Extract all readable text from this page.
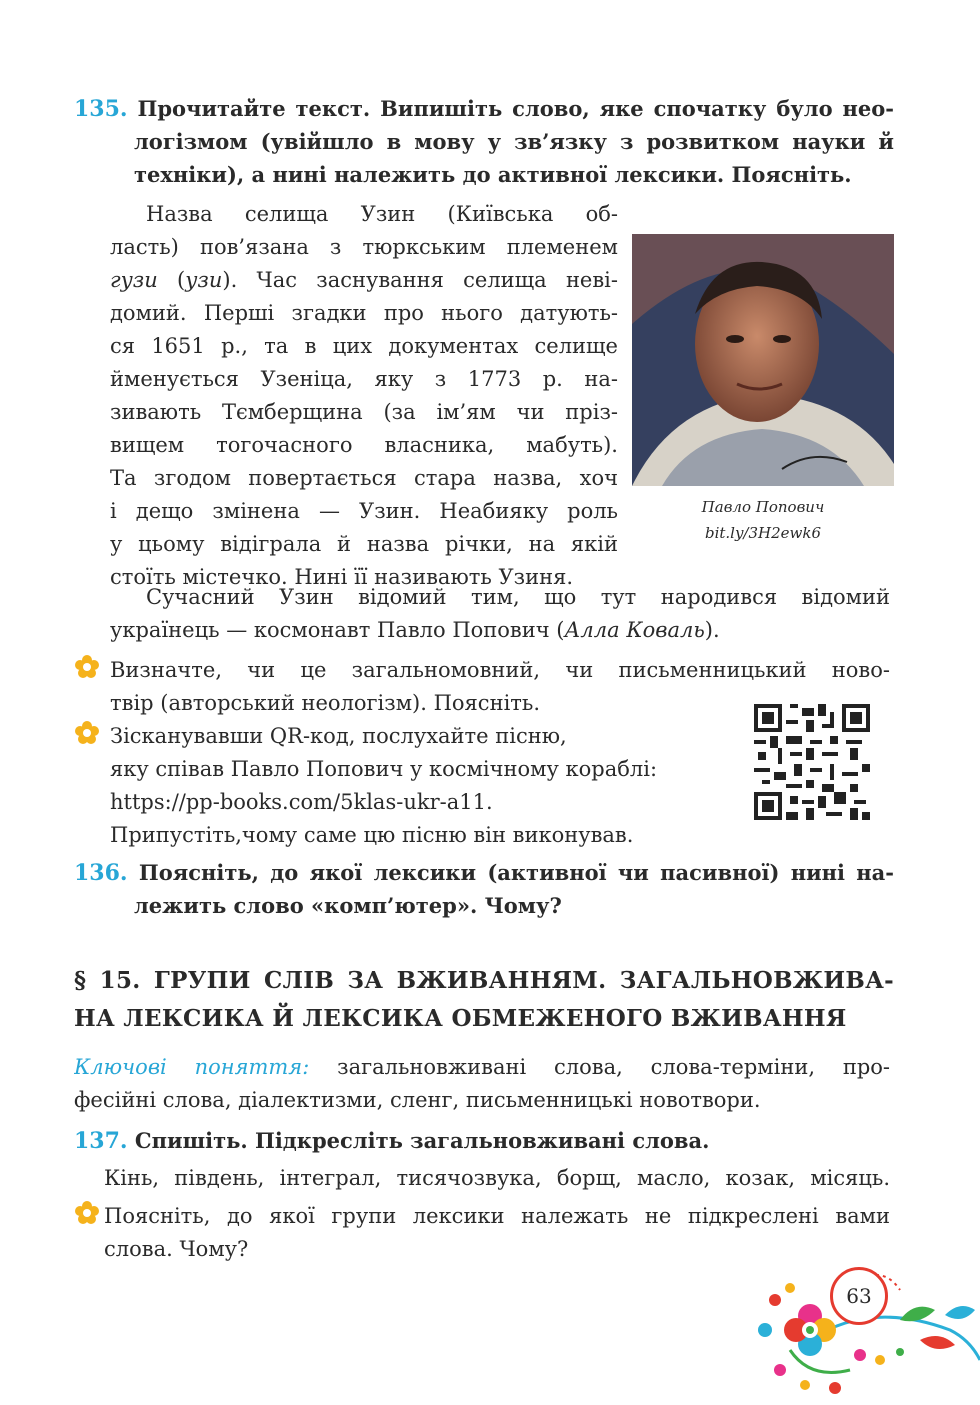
135. Прочитайте текст. Випишіть слово, яке спочатку було нео-
логізмом (увійшло в мову у зв’язку з розвитком науки й
техніки), а нині належить до активної лексики. Поясніть.
Назва селища Узин (Київська об-
ласть) пов’язана з тюркським племенем
гузи (узи). Час заснування селища неві-
домий. Перші згадки про нього датують-
ся 1651 р., та в цих документах селище
йменується Узеніца, яку з 1773 р. на-
зивають Тємберщина (за ім’ям чи пріз-
вищем тогочасного власника, мабуть).
Та згодом повертається стара назва, хоч
і дещо змінена — Узин. Неабияку роль
у цьому відіграла й назва річки, на якій
стоїть містечко. Нині її називають Узиня.
Павло Попович
bit.ly/3H2ewk6
Сучасний Узин відомий тим, що тут народився відомий
українець — космонавт Павло Попович (Алла Коваль).
Визначте, чи це загальномовний, чи письменницький ново-
твір (авторський неологізм). Поясніть.
Зісканувавши QR-код, послухайте пісню,
яку співав Павло Попович у космічному кораблі:
https://pp-books.com/5klas-ukr-a11.
Припустіть,чому саме цю пісню він виконував.
136. Поясніть, до якої лексики (активної чи пасивної) нині на-
лежить слово «комп’ютер». Чому?
§ 15. ГРУПИ СЛІВ ЗА ВЖИВАННЯМ. ЗАГАЛЬНОВЖИВА-
НА ЛЕКСИКА Й ЛЕКСИКА ОБМЕЖЕНОГО ВЖИВАННЯ
Ключові поняття: загальновживані слова, слова-терміни, про-
фесійні слова, діалектизми, сленг, письменницькі новотвори.
137. Спишіть. Підкресліть загальновживані слова.
Кінь, південь, інтеграл, тисячозвука, борщ, масло, козак, місяць.
Поясніть, до якої групи лексики належать не підкреслені вами
слова. Чому?
63
